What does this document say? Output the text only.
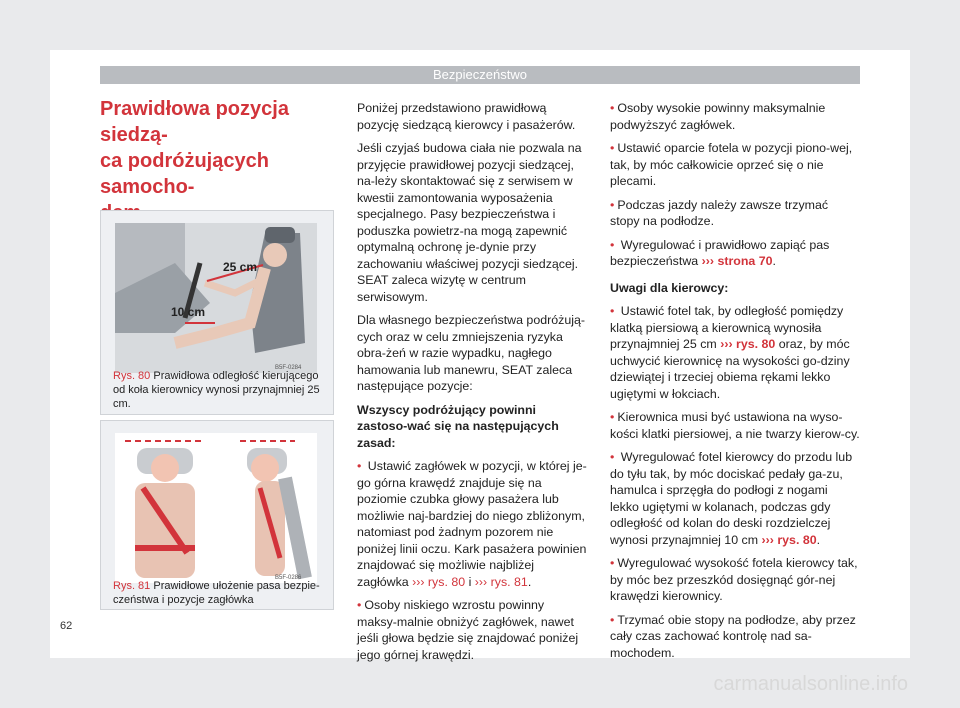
Bezpieczeństwo
Prawidłowa pozycja siedzą-
ca podróżujących samocho-
25 cm
10 cm
B5F-0284
Rys. 80 Prawidłowa odległość kierującego od koła kierownicy wynosi przynajmniej 25 cm.
B5F-0286
Rys. 81 Prawidłowe ułożenie pasa bezpie-czeństwa i pozycje zagłówka

Poniżej przedstawiono prawidłową pozycję siedzącą kierowcy i pasażerów.

Jeśli czyjaś budowa ciała nie pozwala na przyjęcie prawidłowej pozycji siedzącej, na-leży skontaktować się z serwisem w kwestii zamontowania wyposażenia specjalnego. Pasy bezpieczeństwa i poduszka powietrz-na mogą zapewnić optymalną ochronę je-dynie przy zachowaniu właściwej pozycji siedzącej. SEAT zaleca wizytę w centrum serwisowym.

Dla własnego bezpieczeństwa podróżują-cych oraz w celu zmniejszenia ryzyka obra-żeń w razie wypadku, nagłego hamowania lub manewru, SEAT zaleca następujące pozycje:

Wszyscy podróżujący powinni zastoso-wać się na następujących zasad:

• Ustawić zagłówek w pozycji, w której je-go górna krawędź znajduje się na poziomie czubka głowy pasażera lub możliwie naj-bardziej do niego zbliżonym, natomiast pod żadnym pozorem nie poniżej linii oczu. Kark pasażera powinien znajdować się możliwie najbliżej zagłówka ››› rys. 80 i ››› rys. 81.

• Osoby niskiego wzrostu powinny maksy-malnie obniżyć zagłówek, nawet jeśli głowa będzie się znajdować poniżej jego górnej krawędzi.

• Osoby wysokie powinny maksymalnie podwyższyć zagłówek.

• Ustawić oparcie fotela w pozycji piono-wej, tak, by móc całkowicie oprzeć się o nie plecami.

• Podczas jazdy należy zawsze trzymać stopy na podłodze.

• Wyregulować i prawidłowo zapiąć pas bezpieczeństwa ››› strona 70.

Uwagi dla kierowcy:

• Ustawić fotel tak, by odległość pomiędzy klatką piersiową a kierownicą wynosiła przynajmniej 25 cm ››› rys. 80 oraz, by móc uchwycić kierownicę na wysokości go-dziny dziewiątej i trzeciej obiema rękami lekko ugiętymi w łokciach.

• Kierownica musi być ustawiona na wyso-kości klatki piersiowej, a nie twarzy kierow-cy.

• Wyregulować fotel kierowcy do przodu lub do tyłu tak, by móc dociskać pedały ga-zu, hamulca i sprzęgła do podłogi z nogami lekko ugiętymi w kolanach, podczas gdy odległość od kolan do deski rozdzielczej wynosi przynajmniej 10 cm ››› rys. 80.

• Wyregulować wysokość fotela kierowcy tak, by móc bez przeszkód dosięgnąć gór-nej krawędzi kierownicy.

• Trzymać obie stopy na podłodze, aby przez cały czas zachować kontrolę nad sa-mochodem.

62
carmanualsonline.info
